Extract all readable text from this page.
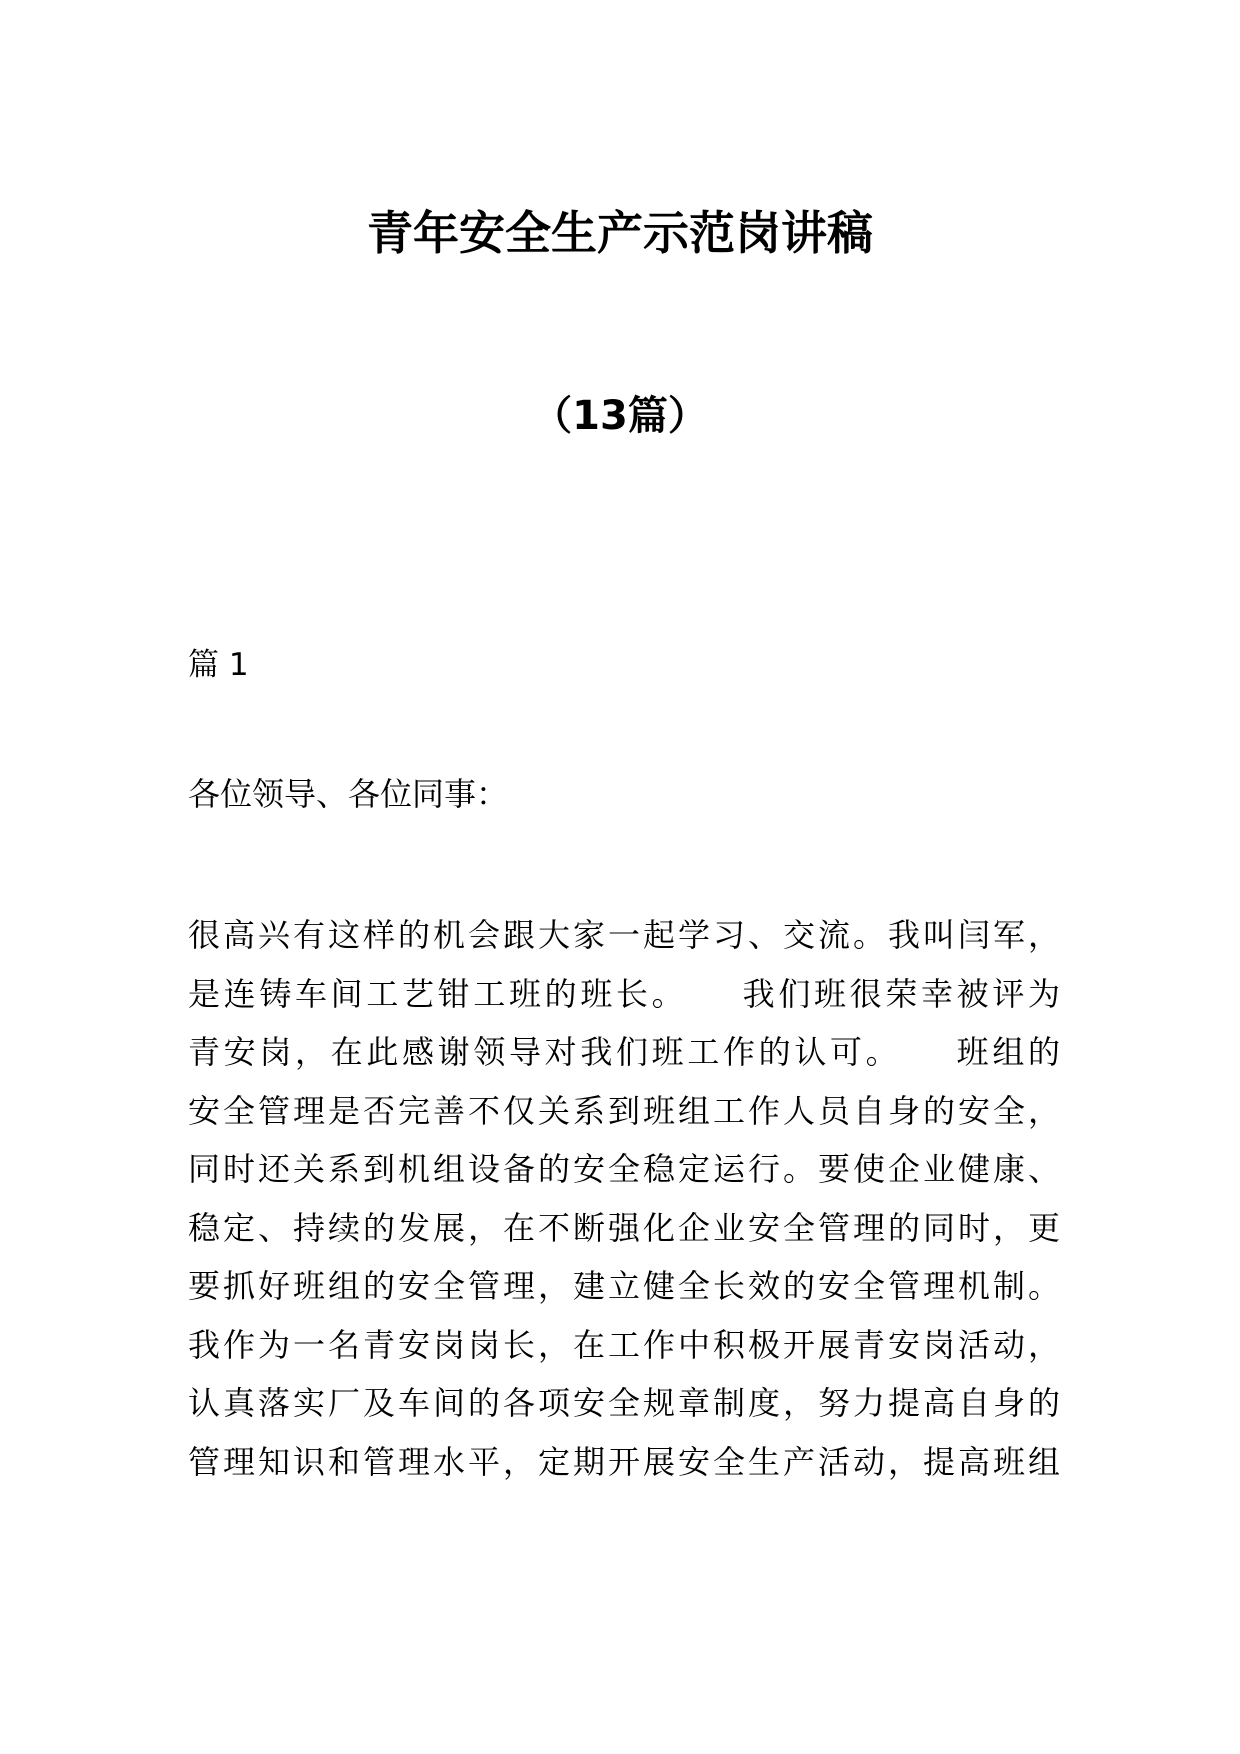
青年安全生产示范岗讲稿
（13篇）
篇 1
各位领导、各位同事：
很高兴有这样的机会跟大家一起学习、交流。我叫闫军，
是连铸车间工艺钳工班的班长。　　我们班很荣幸被评为
青安岗，在此感谢领导对我们班工作的认可。　　班组的
安全管理是否完善不仅关系到班组工作人员自身的安全，
同时还关系到机组设备的安全稳定运行。要使企业健康、
稳定、持续的发展，在不断强化企业安全管理的同时，更
要抓好班组的安全管理，建立健全长效的安全管理机制。
我作为一名青安岗岗长，在工作中积极开展青安岗活动，
认真落实厂及车间的各项安全规章制度，努力提高自身的
管理知识和管理水平，定期开展安全生产活动，提高班组
